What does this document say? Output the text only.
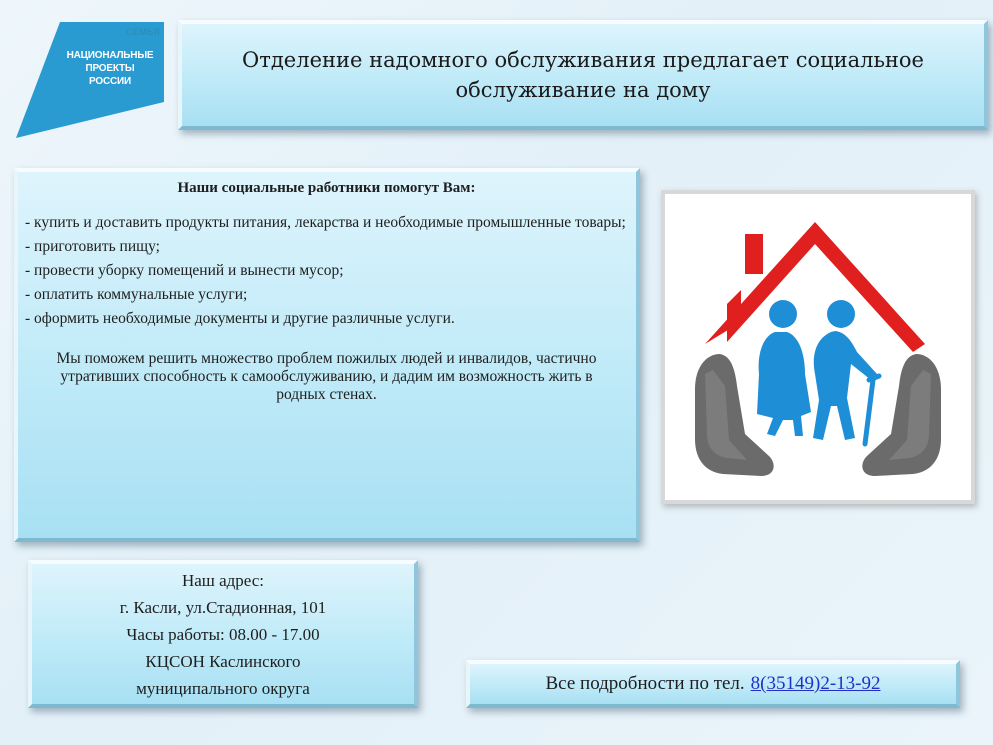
СЕМЬЯ
НАЦИОНАЛЬНЫЕ
ПРОЕКТЫ
РОССИИ
Отделение надомного обслуживания предлагает социальное обслуживание на дому
Наши социальные работники помогут Вам:
- купить и доставить продукты питания, лекарства и необходимые промышленные товары;
- приготовить пищу;
- провести уборку помещений и вынести мусор;
- оплатить коммунальные услуги;
- оформить необходимые документы и другие различные услуги.

Мы поможем решить множество проблем пожилых людей и инвалидов, частично утративших способность к самообслуживанию, и дадим им возможность жить в родных стенах.

Наш адрес:
г. Касли, ул.Стадионная, 101
Часы работы: 08.00 - 17.00
КЦСОН Каслинского
муниципального округа	Все подробности по тел. 8(35149)2-13-92
